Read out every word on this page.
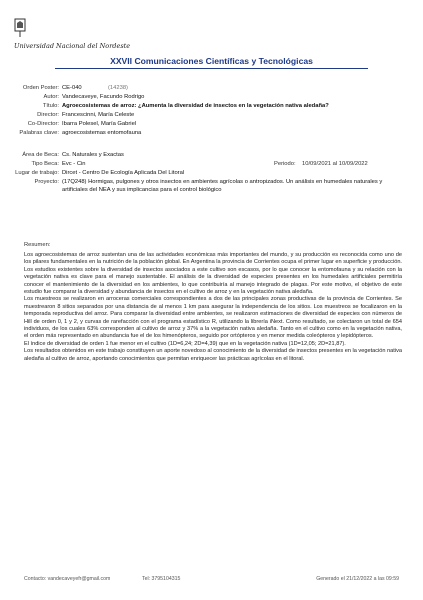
Universidad Nacional del Nordeste
XXVII Comunicaciones Científicas y Tecnológicas
Orden Poster: CE-040	(14238)
Autor: Vandecaveye, Facundo Rodrigo
Título: Agroecosistemas de arroz: ¿Aumenta la diversidad de insectos en la vegetación nativa aledaña?
Director: Francescinni, María Celeste
Co-Director: Ibarra Polesel, María Gabriel
Palabras clave: agroecosistemas entomofauna
Área de Beca: Cs. Naturales y Exactas
Tipo Beca: Evc - Cin	Periodo: 10/09/2021 al 10/09/2022
Lugar de trabajo: Dircet - Centro De Ecología Aplicada Del Litoral
Proyecto: (17Q248) Hormigas, pulgones y otros insectos en ambientes agrícolas o antropizados. Un análisis en humedales naturales y artificiales del NEA y sus implicancias para el control biológico
Resumen:

Los agroecosistemas de arroz sustentan una de las actividades económicas más importantes del mundo, y su producción es reconocida como uno de los pilares fundamentales en la nutrición de la población global. En Argentina la provincia de Corrientes ocupa el primer lugar en superficie y producción. Los estudios existentes sobre la diversidad de insectos asociados a este cultivo son escasos, por lo que conocer la entomofauna y su relación con la vegetación nativa es clave para el manejo sustentable. El análisis de la diversidad de especies presentes en los humedales artificiales permitiría conocer el mantenimiento de la diversidad en los ambientes, lo que contribuiría al manejo integrado de plagas. Por este motivo, el objetivo de este estudio fue comparar la diversidad y abundancia de insectos en el cultivo de arroz y en la vegetación nativa aledaña.

Los muestreos se realizaron en arroceras comerciales correspondientes a dos de las principales zonas productivas de la provincia de Corrientes. Se muestrearon 8 sitios separados por una distancia de al menos 1 km para asegurar la independencia de los sitios. Los muestreos se focalizaron en la temporada reproductiva del arroz. Para comparar la diversidad entre ambientes, se realizaron estimaciones de diversidad de especies con números de Hill de orden 0, 1 y 2, y curvas de rarefacción con el programa estadístico R, utilizando la librería iNext. Como resultado, se colectaron un total de 654 individuos, de los cuales 63% corresponden al cultivo de arroz y 37% a la vegetación nativa aledaña. Tanto en el cultivo como en la vegetación nativa, el orden más representado en abundancia fue el de los himenópteros, seguido por ortópteros y en menor medida coleópteros y lepidópteros.

El índice de diversidad de orden 1 fue menor en el cultivo (1D=6,24; 2D=4,39) que en la vegetación nativa (1D=12,05; 2D=21,87).

Los resultados obtenidos en este trabajo constituyen un aporte novedoso al conocimiento de la diversidad de insectos presentes en la vegetación nativa aledaña al cultivo de arroz, aportando conocimientos que permitan enriquecer las prácticas agrícolas en el litoral.

Contacto: vandecaveyefr@gmail.com	Tel: 3795104315	Generado el 21/12/2022 a las 09:59
